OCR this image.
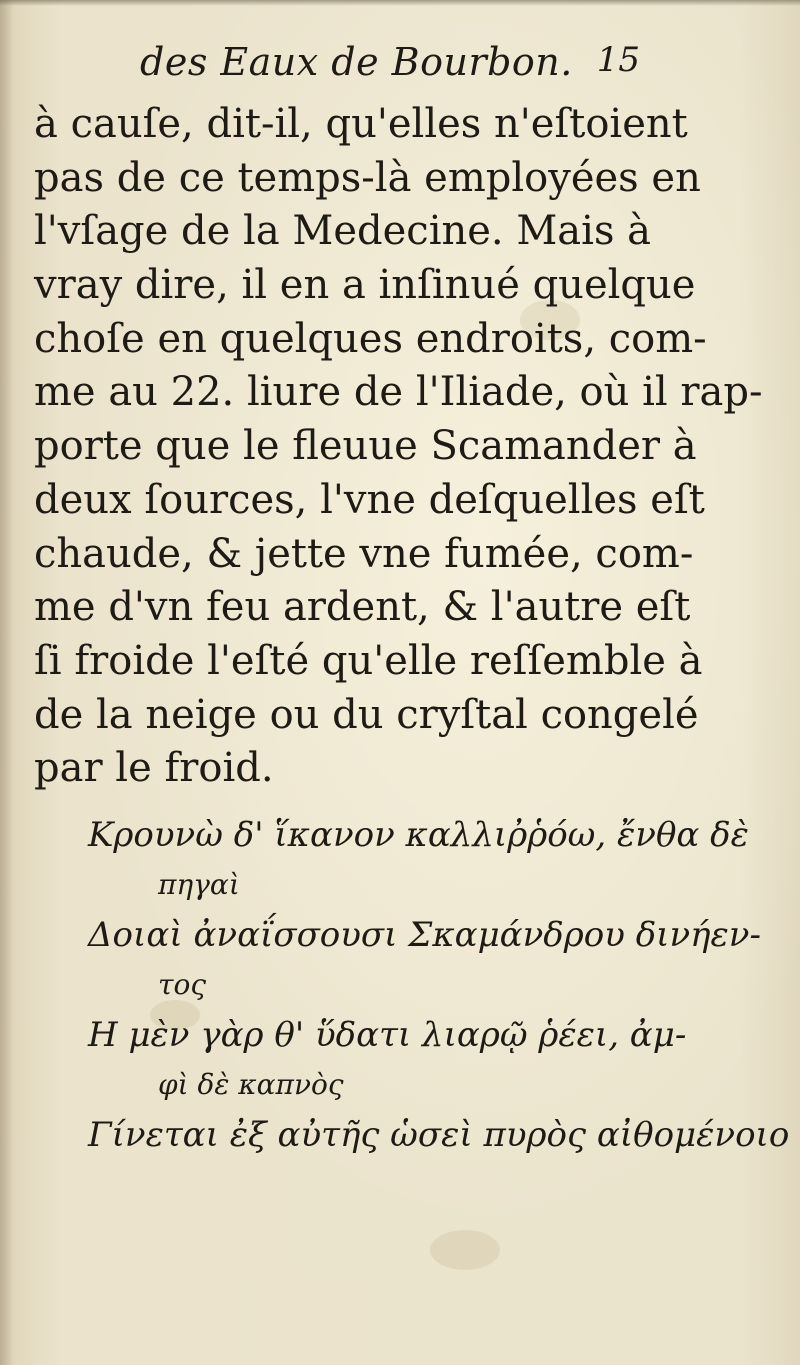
des Eaux de Bourbon. 15
à cauſe, dit-il, qu'elles n'eſtoient
pas de ce temps-là employées en
l'vſage de la Medecine. Mais à
vray dire, il en a inſinué quelque
choſe en quelques endroits, com-
me au 22. liure de l'Iliade, où il rap-
porte que le fleuue Scamander à
deux ſources, l'vne deſquelles eſt
chaude, & jette vne fumée, com-
me d'vn feu ardent, & l'autre eſt
ſi froide l'eſté qu'elle reſſemble à
de la neige ou du cryſtal congelé
par le froid.
Κρουνὼ δ' ἵκανον καλλιῤῥόω, ἔνθα δὲ
πηγαὶ
Δοιαὶ ἀναΐσσουσι Σκαμάνδρου δινήεν-
τος
Η μὲν γὰρ θ' ὕδατι λιαρῷ ῥέει, ἀμ-
φὶ δὲ καπνὸς
Γίνεται ἐξ αὐτῆς ὡσεὶ πυρὸς αἰθομένοιο
